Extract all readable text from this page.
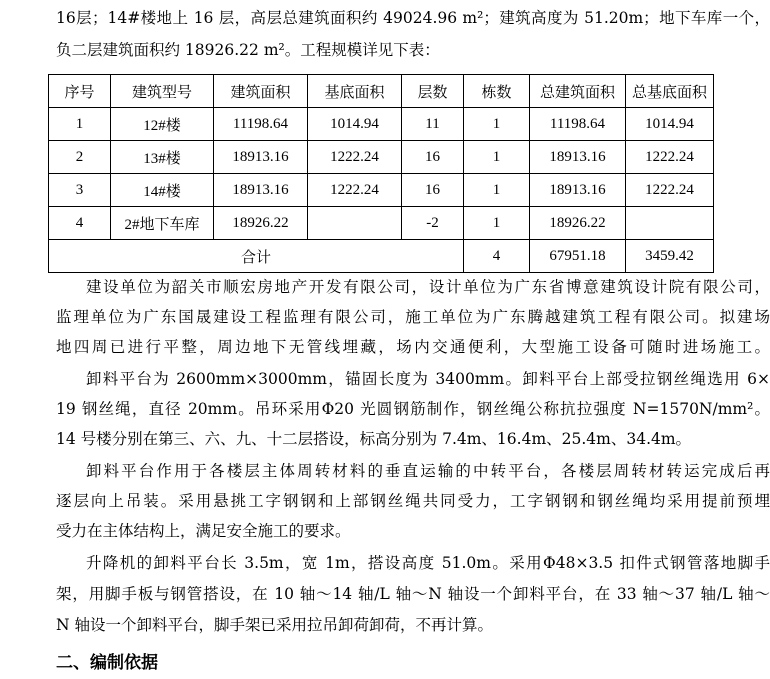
16层；14#楼地上 16 层，高层总建筑面积约 49024.96 m²；建筑高度为 51.20m；地下车库一个，
负二层建筑面积约 18926.22 m²。工程规模详见下表：
序号	建筑型号	建筑面积	基底面积	层数	栋数	总建筑面积	总基底面积
1	12#楼	11198.64	1014.94	11	1	11198.64	1014.94
2	13#楼	18913.16	1222.24	16	1	18913.16	1222.24
3	14#楼	18913.16	1222.24	16	1	18913.16	1222.24
4	2#地下车库	18926.22		-2	1	18926.22	
合计					4	67951.18	3459.42
建设单位为韶关市顺宏房地产开发有限公司，设计单位为广东省博意建筑设计院有限公司，
监理单位为广东国晟建设工程监理有限公司，施工单位为广东腾越建筑工程有限公司。拟建场
地四周已进行平整，周边地下无管线埋藏，场内交通便利，大型施工设备可随时进场施工。
卸料平台为 2600mm×3000mm，锚固长度为 3400mm。卸料平台上部受拉钢丝绳选用 6×
19 钢丝绳，直径 20mm。吊环采用Φ20 光圆钢筋制作，钢丝绳公称抗拉强度 N=1570N/mm²。
14 号楼分别在第三、六、九、十二层搭设，标高分别为 7.4m、16.4m、25.4m、34.4m。
卸料平台作用于各楼层主体周转材料的垂直运输的中转平台，各楼层周转材转运完成后再
逐层向上吊装。采用悬挑工字钢钢和上部钢丝绳共同受力，工字钢钢和钢丝绳均采用提前预埋
受力在主体结构上，满足安全施工的要求。
升降机的卸料平台长 3.5m，宽 1m，搭设高度 51.0m。采用Φ48×3.5 扣件式钢管落地脚手
架，用脚手板与钢管搭设，在 10 轴～14 轴/L 轴～N 轴设一个卸料平台，在 33 轴～37 轴/L 轴～
N 轴设一个卸料平台，脚手架已采用拉吊卸荷卸荷，不再计算。
二、编制依据
